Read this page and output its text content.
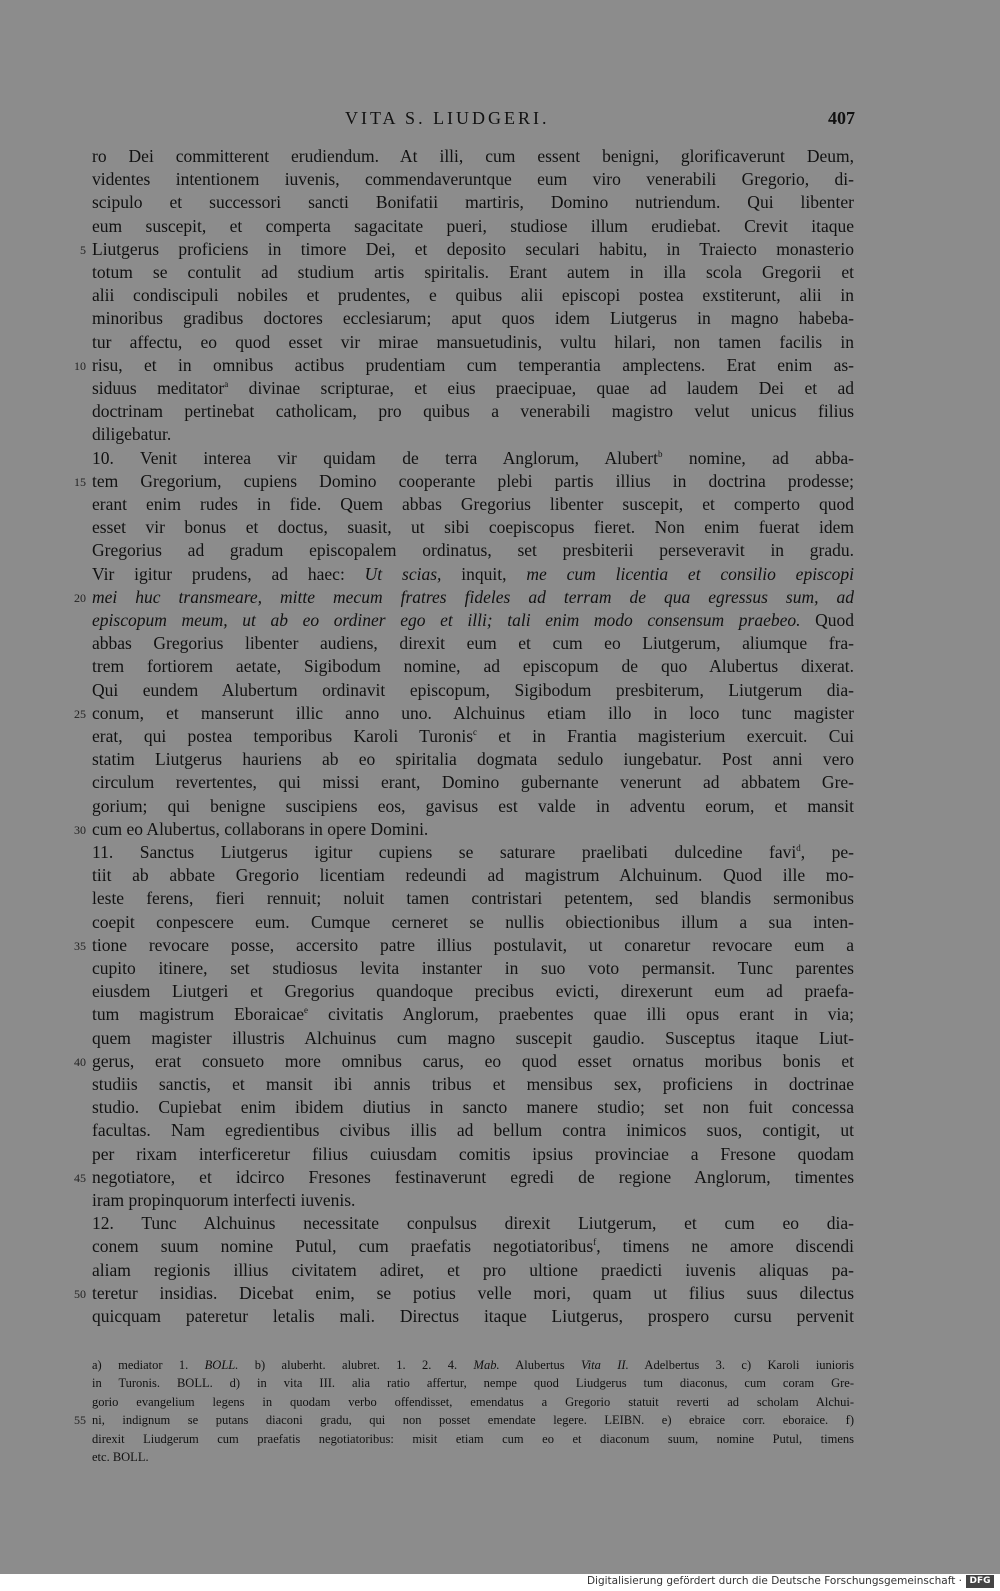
VITA S. LIUDGERI.	407
ro Dei committerent erudiendum. At illi, cum essent benigni, glorificaverunt Deum,
videntes intentionem iuvenis, commendaveruntque eum viro venerabili Gregorio, di-
scipulo et successori sancti Bonifatii martiris, Domino nutriendum. Qui libenter
eum suscepit, et comperta sagacitate pueri, studiose illum erudiebat. Crevit itaque
5 Liutgerus proficiens in timore Dei, et deposito seculari habitu, in Traiecto monasterio
totum se contulit ad studium artis spiritalis. Erant autem in illa scola Gregorii et
alii condiscipuli nobiles et prudentes, e quibus alii episcopi postea exstiterunt, alii in
minoribus gradibus doctores ecclesiarum; aput quos idem Liutgerus in magno habeba-
tur affectu, eo quod esset vir mirae mansuetudinis, vultu hilari, non tamen facilis in
10 risu, et in omnibus actibus prudentiam cum temperantia amplectens. Erat enim as-
siduus meditator$^a$ divinae scripturae, et eius praecipuae, quae ad laudem Dei et ad
doctrinam pertinebat catholicam, pro quibus a venerabili magistro velut unicus filius
diligebatur.
10. Venit interea vir quidam de terra Anglorum, Alubert$^b$ nomine, ad abba-
15 tem Gregorium, cupiens Domino cooperante plebi partis illius in doctrina prodesse;
erant enim rudes in fide. Quem abbas Gregorius libenter suscepit, et comperto quod
esset vir bonus et doctus, suasit, ut sibi coepiscopus fieret. Non enim fuerat idem
Gregorius ad gradum episcopalem ordinatus, set presbiterii perseveravit in gradu.
Vir igitur prudens, ad haec: Ut scias, inquit, me cum licentia et consilio episcopi
20 mei huc transmeare, mitte mecum fratres fideles ad terram de qua egressus sum, ad
episcopum meum, ut ab eo ordiner ego et illi; tali enim modo consensum praebeo. Quod
abbas Gregorius libenter audiens, direxit eum et cum eo Liutgerum, aliumque fra-
trem fortiorem aetate, Sigibodum nomine, ad episcopum de quo Alubertus dixerat.
Qui eundem Alubertum ordinavit episcopum, Sigibodum presbiterum, Liutgerum dia-
25 conum, et manserunt illic anno uno. Alchuinus etiam illo in loco tunc magister
erat, qui postea temporibus Karoli Turonis$^c$ et in Frantia magisterium exercuit. Cui
statim Liutgerus hauriens ab eo spiritalia dogmata sedulo iungebatur. Post anni vero
circulum revertentes, qui missi erant, Domino gubernante venerunt ad abbatem Gre-
gorium; qui benigne suscipiens eos, gavisus est valde in adventu eorum, et mansit
30 cum eo Alubertus, collaborans in opere Domini.
11. Sanctus Liutgerus igitur cupiens se saturare praelibati dulcedine favi$^d$, pe-
tiit ab abbate Gregorio licentiam redeundi ad magistrum Alchuinum. Quod ille mo-
leste ferens, fieri rennuit; noluit tamen contristari petentem, sed blandis sermonibus
coepit conpescere eum. Cumque cerneret se nullis obiectionibus illum a sua inten-
35 tione revocare posse, accersito patre illius postulavit, ut conaretur revocare eum a
cupito itinere, set studiosus levita instanter in suo voto permansit. Tunc parentes
eiusdem Liutgeri et Gregorius quandoque precibus evicti, direxerunt eum ad praefa-
tum magistrum Eboraicae$^e$ civitatis Anglorum, praebentes quae illi opus erant in via;
quem magister illustris Alchuinus cum magno suscepit gaudio. Susceptus itaque Liut-
40 gerus, erat consueto more omnibus carus, eo quod esset ornatus moribus bonis et
studiis sanctis, et mansit ibi annis tribus et mensibus sex, proficiens in doctrinae
studio. Cupiebat enim ibidem diutius in sancto manere studio; set non fuit concessa
facultas. Nam egredientibus civibus illis ad bellum contra inimicos suos, contigit, ut
per rixam interficeretur filius cuiusdam comitis ipsius provinciae a Fresone quodam
45 negotiatore, et idcirco Fresones festinaverunt egredi de regione Anglorum, timentes
iram propinquorum interfecti iuvenis.
12. Tunc Alchuinus necessitate conpulsus direxit Liutgerum, et cum eo dia-
conem suum nomine Putul, cum praefatis negotiatoribus$^f$, timens ne amore discendi
aliam regionis illius civitatem adiret, et pro ultione praedicti iuvenis aliquas pa-
50 teretur insidias. Dicebat enim, se potius velle mori, quam ut filius suus dilectus
quicquam pateretur letalis mali. Directus itaque Liutgerus, prospero cursu pervenit
a) mediator 1. BOLL. b) aluberht. alubret. 1. 2. 4. Mab. Alubertus Vita II. Adelbertus 3. c) Karoli iunioris
in Turonis. BOLL. d) in vita III. alia ratio affertur, nempe quod Liudgerus tum diaconus, cum coram Gre-
gorio evangelium legens in quodam verbo offendisset, emendatus a Gregorio statuit reverti ad scholam Alchui-
55 ni, indignum se putans diaconi gradu, qui non posset emendate legere. LEIBN. e) ebraice corr. eboraice. f)
direxit Liudgerum cum praefatis negotiatoribus: misit etiam cum eo et diaconum suum, nomine Putul, timens
etc. BOLL.
Digitalisierung gefördert durch die Deutsche Forschungsgemeinschaft · DFG
